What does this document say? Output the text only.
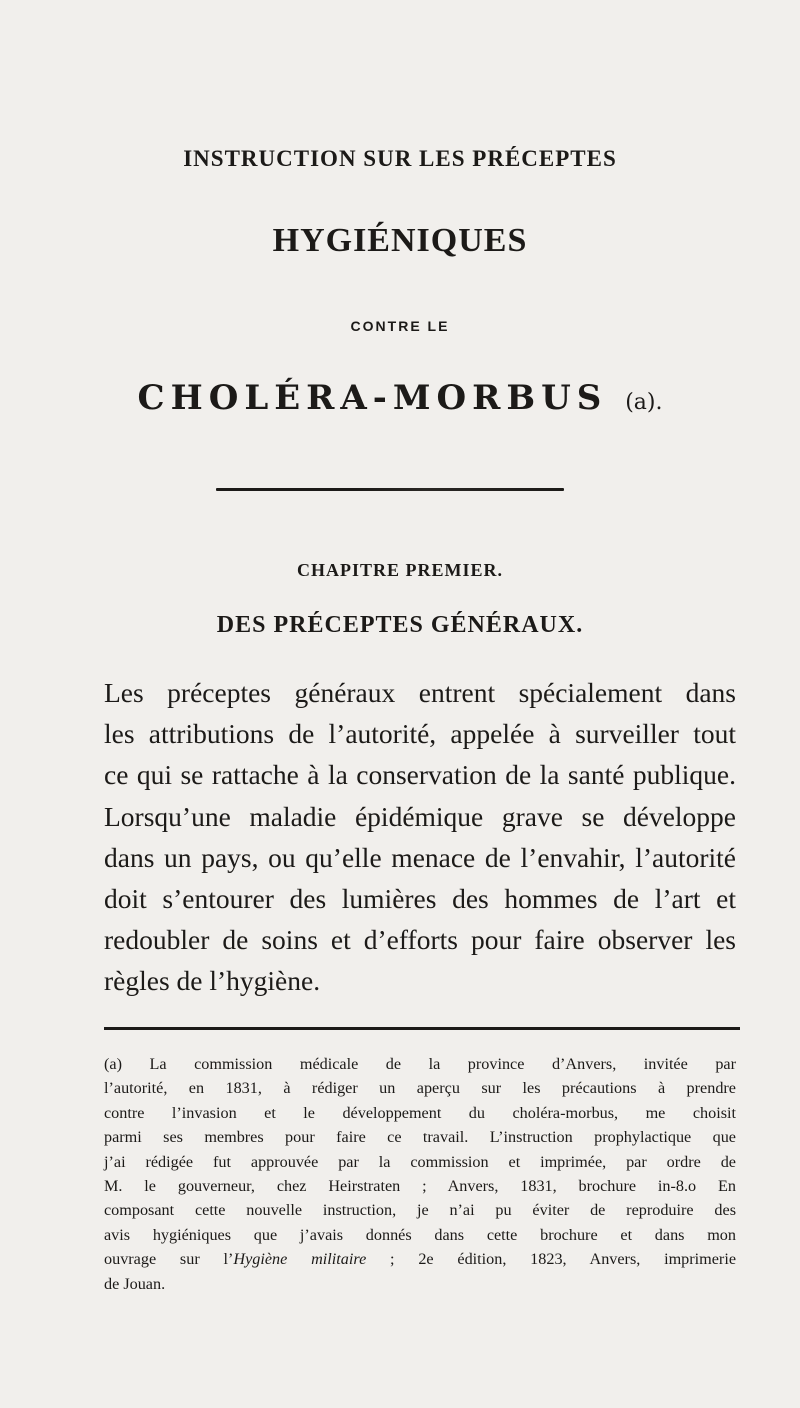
INSTRUCTION SUR LES PRÉCEPTES
HYGIÉNIQUES
CONTRE LE
CHOLÉRA-MORBUS (a).
CHAPITRE PREMIER.
DES PRÉCEPTES GÉNÉRAUX.
Les préceptes généraux entrent spécialement dans
les attributions de l’autorité, appelée à surveiller tout
ce qui se rattache à la conservation de la santé publique.
Lorsqu’une maladie épidémique grave se développe
dans un pays, ou qu’elle menace de l’envahir, l’autorité
doit s’entourer des lumières des hommes de l’art et
redoubler de soins et d’efforts pour faire observer les
règles de l’hygiène.
(a) La commission médicale de la province d’Anvers, invitée par
l’autorité, en 1831, à rédiger un aperçu sur les précautions à prendre
contre l’invasion et le développement du choléra-morbus, me choisit
parmi ses membres pour faire ce travail. L’instruction prophylactique que
j’ai rédigée fut approuvée par la commission et imprimée, par ordre de
M. le gouverneur, chez Heirstraten ; Anvers, 1831, brochure in-8.o En
composant cette nouvelle instruction, je n’ai pu éviter de reproduire des
avis hygiéniques que j’avais donnés dans cette brochure et dans mon
ouvrage sur l’Hygiène militaire ; 2e édition, 1823, Anvers, imprimerie
de Jouan.
